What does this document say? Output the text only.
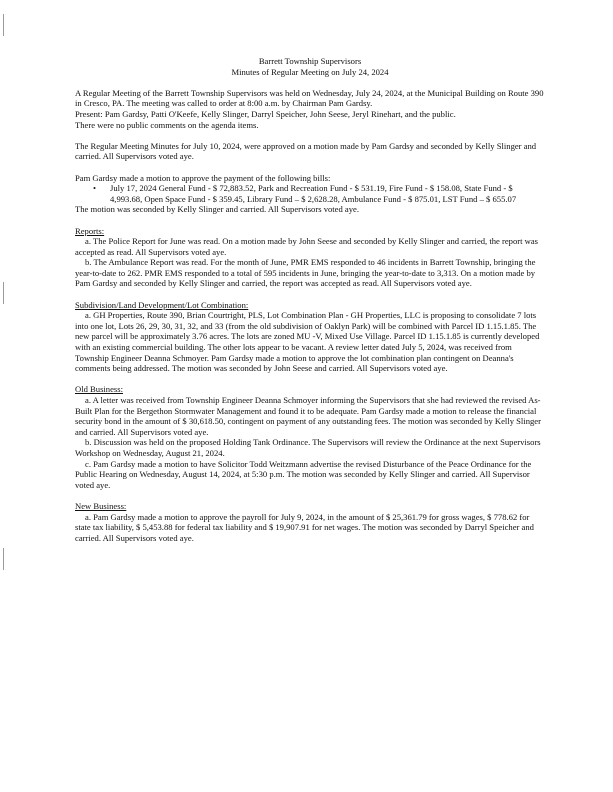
Barrett Township Supervisors
Minutes of Regular Meeting on July 24, 2024

A Regular Meeting of the Barrett Township Supervisors was held on Wednesday, July 24, 2024, at the Municipal Building on Route 390 in Cresco, PA. The meeting was called to order at 8:00 a.m. by Chairman Pam Gardsy.

Present: Pam Gardsy, Patti O'Keefe, Kelly Slinger, Darryl Speicher, John Seese, Jeryl Rinehart, and the public.

There were no public comments on the agenda items.

The Regular Meeting Minutes for July 10, 2024, were approved on a motion made by Pam Gardsy and seconded by Kelly Slinger and carried. All Supervisors voted aye.

Pam Gardsy made a motion to approve the payment of the following bills:

• July 17, 2024 General Fund - $ 72,883.52, Park and Recreation Fund - $ 531.19, Fire Fund - $ 158.08, State Fund - $ 4,993.68, Open Space Fund - $ 359.45, Library Fund – $ 2,628.28, Ambulance Fund - $ 875.01, LST Fund – $ 655.07

The motion was seconded by Kelly Slinger and carried. All Supervisors voted aye.

Reports:

a. The Police Report for June was read. On a motion made by John Seese and seconded by Kelly Slinger and carried, the report was accepted as read. All Supervisors voted aye.

b. The Ambulance Report was read. For the month of June, PMR EMS responded to 46 incidents in Barrett Township, bringing the year-to-date to 262. PMR EMS responded to a total of 595 incidents in June, bringing the year-to-date to 3,313. On a motion made by Pam Gardsy and seconded by Kelly Slinger and carried, the report was accepted as read. All Supervisors voted aye.

Subdivision/Land Development/Lot Combination:

a. GH Properties, Route 390, Brian Courtright, PLS, Lot Combination Plan - GH Properties, LLC is proposing to consolidate 7 lots into one lot, Lots 26, 29, 30, 31, 32, and 33 (from the old subdivision of Oaklyn Park) will be combined with Parcel ID 1.15.1.85. The new parcel will be approximately 3.76 acres. The lots are zoned MU -V, Mixed Use Village. Parcel ID 1.15.1.85 is currently developed with an existing commercial building. The other lots appear to be vacant. A review letter dated July 5, 2024, was received from Township Engineer Deanna Schmoyer. Pam Gardsy made a motion to approve the lot combination plan contingent on Deanna's comments being addressed. The motion was seconded by John Seese and carried. All Supervisors voted aye.

Old Business:

a. A letter was received from Township Engineer Deanna Schmoyer informing the Supervisors that she had reviewed the revised As-Built Plan for the Bergethon Stormwater Management and found it to be adequate. Pam Gardsy made a motion to release the financial security bond in the amount of $ 30,618.50, contingent on payment of any outstanding fees. The motion was seconded by Kelly Slinger and carried. All Supervisors voted aye.

b. Discussion was held on the proposed Holding Tank Ordinance. The Supervisors will review the Ordinance at the next Supervisors Workshop on Wednesday, August 21, 2024.

c. Pam Gardsy made a motion to have Solicitor Todd Weitzmann advertise the revised Disturbance of the Peace Ordinance for the Public Hearing on Wednesday, August 14, 2024, at 5:30 p.m. The motion was seconded by Kelly Slinger and carried. All Supervisor voted aye.

New Business:

a. Pam Gardsy made a motion to approve the payroll for July 9, 2024, in the amount of $ 25,361.79 for gross wages, $ 778.62 for state tax liability, $ 5,453.88 for federal tax liability and $ 19,907.91 for net wages. The motion was seconded by Darryl Speicher and carried. All Supervisors voted aye.
